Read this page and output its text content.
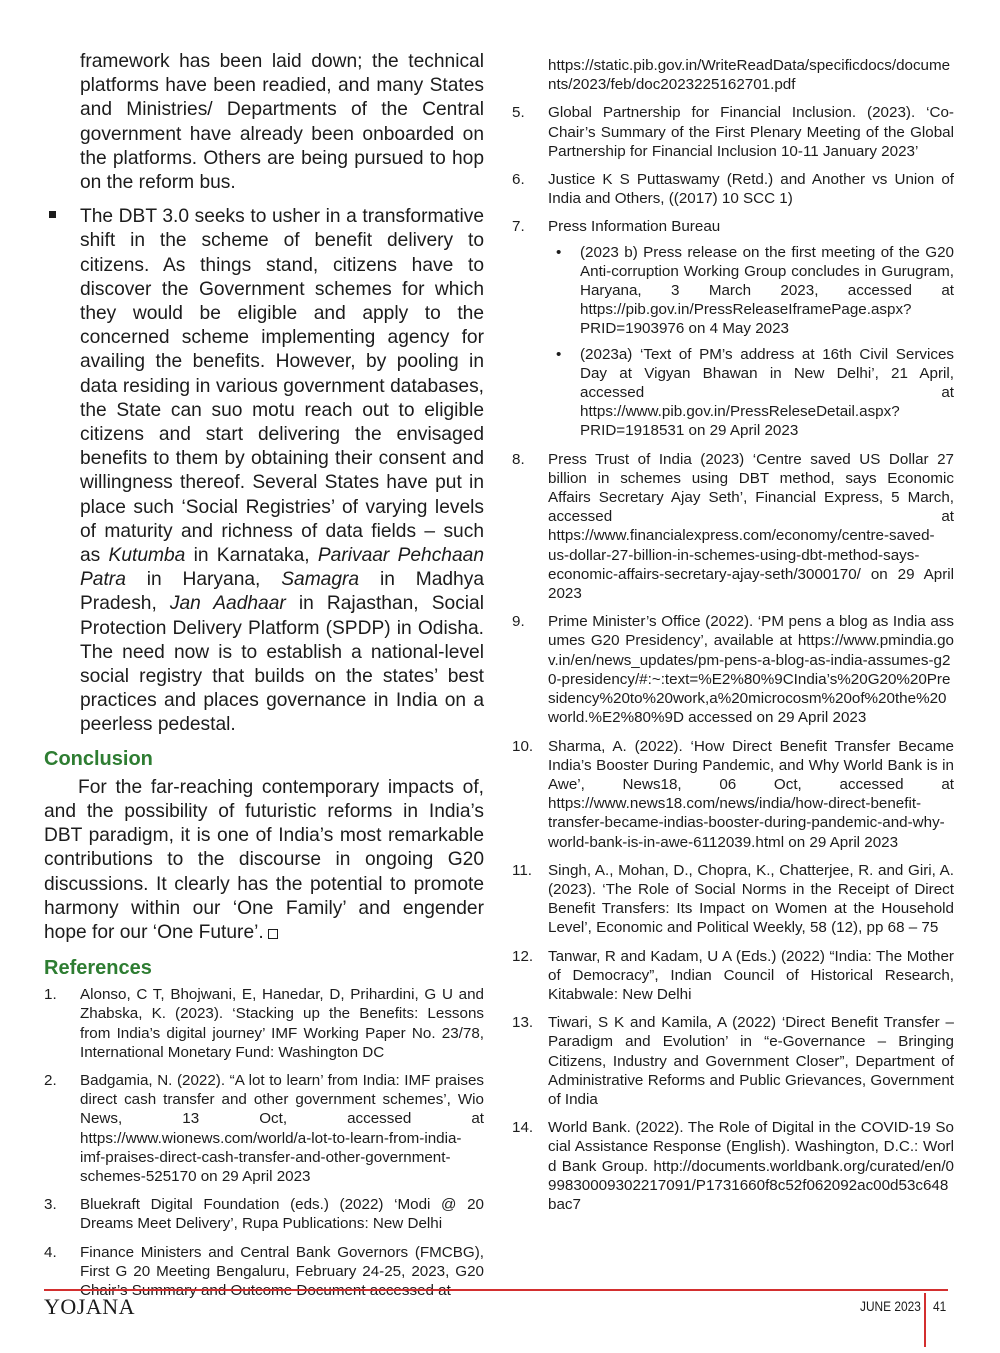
framework has been laid down; the technical platforms have been readied, and many States and Ministries/ Departments of the Central government have already been onboarded on the platforms. Others are being pursued to hop on the reform bus.

The DBT 3.0 seeks to usher in a transformative shift in the scheme of benefit delivery to citizens. As things stand, citizens have to discover the Government schemes for which they would be eligible and apply to the concerned scheme implementing agency for availing the benefits. However, by pooling in data residing in various government databases, the State can suo motu reach out to eligible citizens and start delivering the envisaged benefits to them by obtaining their consent and willingness thereof. Several States have put in place such ‘Social Registries’ of varying levels of maturity and richness of data fields – such as Kutumba in Karnataka, Parivaar Pehchaan Patra in Haryana, Samagra in Madhya Pradesh, Jan Aadhaar in Rajasthan, Social Protection Delivery Platform (SPDP) in Odisha. The need now is to establish a national-level social registry that builds on the states’ best practices and places governance in India on a peerless pedestal.

Conclusion

For the far-reaching contemporary impacts of, and the possibility of futuristic reforms in India’s DBT paradigm, it is one of India’s most remarkable contributions to the discourse in ongoing G20 discussions. It clearly has the potential to promote harmony within our ‘One Family’ and engender hope for our ‘One Future’.

References
1. Alonso, C T, Bhojwani, E, Hanedar, D, Prihardini, G U and Zhabska, K. (2023). ‘Stacking up the Benefits: Lessons from India’s digital journey’ IMF Working Paper No. 23/78, International Monetary Fund: Washington DC
2. Badgamia, N. (2022). “A lot to learn’ from India: IMF praises direct cash transfer and other government schemes’, Wio News, 13 Oct, accessed at https://www.wionews.com/world/a-lot-to-learn-from-india-imf-praises-direct-cash-transfer-and-other-government-schemes-525170 on 29 April 2023
3. Bluekraft Digital Foundation (eds.) (2022) ‘Modi @ 20 Dreams Meet Delivery’, Rupa Publications: New Delhi
4. Finance Ministers and Central Bank Governors (FMCBG), First G 20 Meeting Bengaluru, February 24-25, 2023, G20
https://static.pib.gov.in/WriteReadData/specificdocs/documents/2023/feb/doc2023225162701.pdf
5. Global Partnership for Financial Inclusion. (2023). ‘Co-Chair’s Summary of the First Plenary Meeting of the Global Partnership for Financial Inclusion 10-11 January 2023’
6. Justice K S Puttaswamy (Retd.) and Another vs Union of India and Others, ((2017) 10 SCC 1)
7. Press Information Bureau
• (2023 b) Press release on the first meeting of the G20 Anti-corruption Working Group concludes in Gurugram, Haryana, 3 March 2023, accessed at https://pib.gov.in/PressReleaseIframePage.aspx?PRID=1903976 on 4 May 2023
• (2023a) ‘Text of PM’s address at 16th Civil Services Day at Vigyan Bhawan in New Delhi’, 21 April, accessed at https://www.pib.gov.in/PressReleseDetail.aspx?PRID=1918531 on 29 April 2023
8. Press Trust of India (2023) ‘Centre saved US Dollar 27 billion in schemes using DBT method, says Economic Affairs Secretary Ajay Seth’, Financial Express, 5 March, accessed at https://www.financialexpress.com/economy/centre-saved-us-dollar-27-billion-in-schemes-using-dbt-method-says-economic-affairs-secretary-ajay-seth/3000170/ on 29 April 2023
9. Prime Minister’s Office (2022). ‘PM pens a blog as India assumes G20 Presidency’, available at https://www.pmindia.gov.in/en/news_updates/pm-pens-a-blog-as-india-assumes-g20-presidency/#:~:text=%E2%80%9CIndia’s%20G20%20Presidency%20to%20work,a%20microcosm%20of%20the%20world.%E2%80%9D accessed on 29 April 2023
10. Sharma, A. (2022). ‘How Direct Benefit Transfer Became India’s Booster During Pandemic, and Why World Bank is in Awe’, News18, 06 Oct, accessed at https://www.news18.com/news/india/how-direct-benefit-transfer-became-indias-booster-during-pandemic-and-why-world-bank-is-in-awe-6112039.html on 29 April 2023
11. Singh, A., Mohan, D., Chopra, K., Chatterjee, R. and Giri, A. (2023). ‘The Role of Social Norms in the Receipt of Direct Benefit Transfers: Its Impact on Women at the Household Level’, Economic and Political Weekly, 58 (12), pp 68 – 75
12. Tanwar, R and Kadam, U A (Eds.) (2022) “India: The Mother of Democracy”, Indian Council of Historical Research, Kitabwale: New Delhi
13. Tiwari, S K and Kamila, A (2022) ‘Direct Benefit Transfer – Paradigm and Evolution’ in “e-Governance – Bringing Citizens, Industry and Government Closer”, Department of Administrative Reforms and Public Grievances, Government of India
14. World Bank. (2022). The Role of Digital in the COVID-19 Social Assistance Response (English). Washington, D.C.: World Bank Group. http://documents.worldbank.org/curated/en/099830009302217091/P1731660f8c52f062092ac00d53c648bac7
YOJANA	JUNE 2023 41
